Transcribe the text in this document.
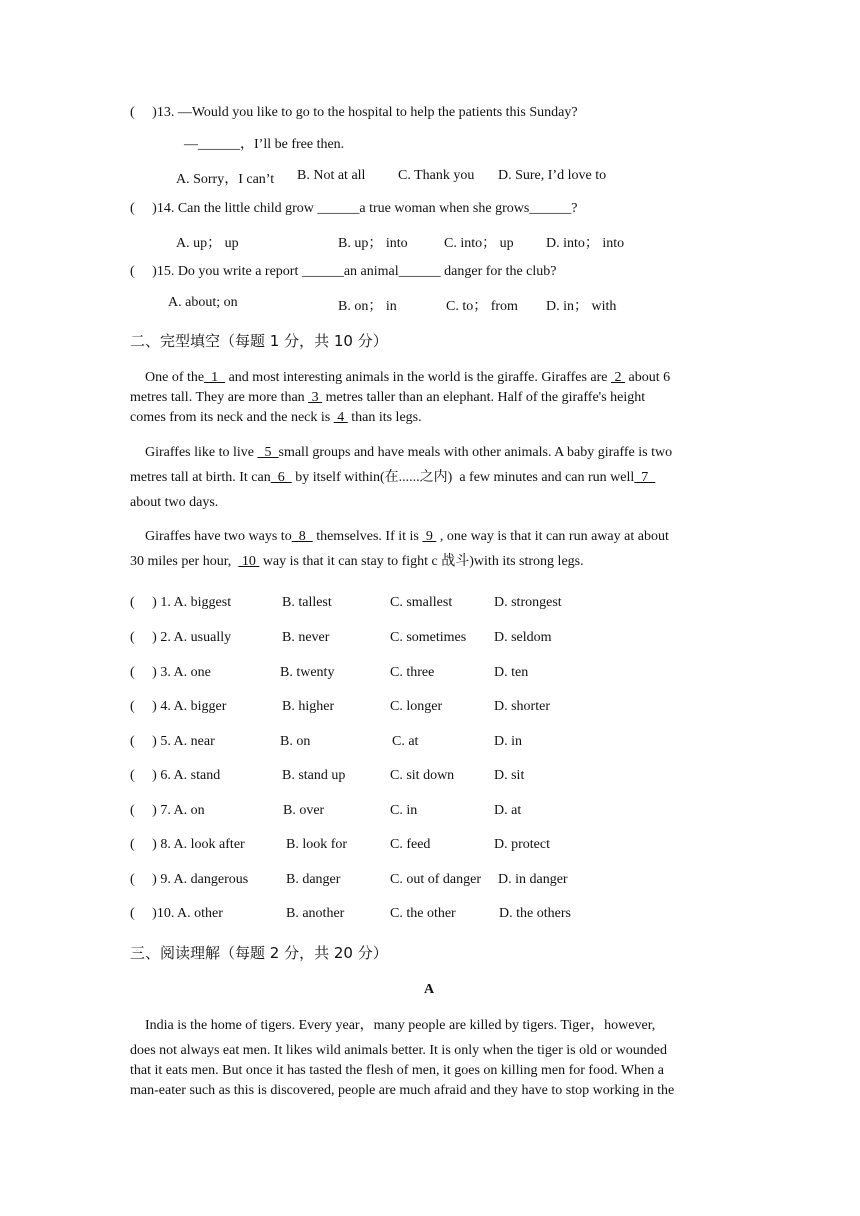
(     )13. —Would you like to go to the hospital to help the patients this Sunday?
—______，I’ll be free then.
A. Sorry，I can’t B. Not at all C. Thank you D. Sure, I’d love to
(     )14. Can the little child grow ______a true woman when she grows______?
A. up； up	B. up； into	C. into； up D. into； into
(     )15. Do you write a report ______an animal______ danger for the club?
A. about; on	B. on； in	C. to； from D. in； with
二、完型填空（每题 1 分，共 10 分）
One of the  1   and most interesting animals in the world is the giraffe. Giraffes are  2  about 6
metres tall. They are more than  3  metres taller than an elephant. Half of the giraffe's height
comes from its neck and the neck is  4  than its legs.
Giraffes like to live   5  small groups and have meals with other animals. A baby giraffe is two
metres tall at birth. It can  6   by itself within(在......之内)  a few minutes and can run well  7
about two days.
Giraffes have two ways to  8   themselves. If it is  9  , one way is that it can run away at about
30 miles per hour,   10  way is that it can stay to fight c 战斗)with its strong legs.
(     ) 1. A. biggest	B. tallest	C. smallest	D. strongest
(     ) 2. A. usually	B. never	C. sometimes D. seldom
(     ) 3. A. one	B. twenty	C. three	D. ten
(     ) 4. A. bigger	B. higher	C. longer	D. shorter
(     ) 5. A. near	B. on	C. at	D. in
(     ) 6. A. stand	B. stand up	C. sit down	D. sit
(     ) 7. A. on	B. over	C. in	D. at
(     ) 8. A. look after	B. look for	C. feed	D. protect
(     ) 9. A. dangerous	B. danger	C. out of danger D. in danger
(     )10. A. other	B. another	C. the other	D. the others
三、阅读理解（每题 2 分，共 20 分）
A
India is the home of tigers. Every year，many people are killed by tigers. Tiger，however,
does not always eat men. It likes wild animals better. It is only when the tiger is old or wounded
that it eats men. But once it has tasted the flesh of men, it goes on killing men for food. When a
man-eater such as this is discovered, people are much afraid and they have to stop working in the
